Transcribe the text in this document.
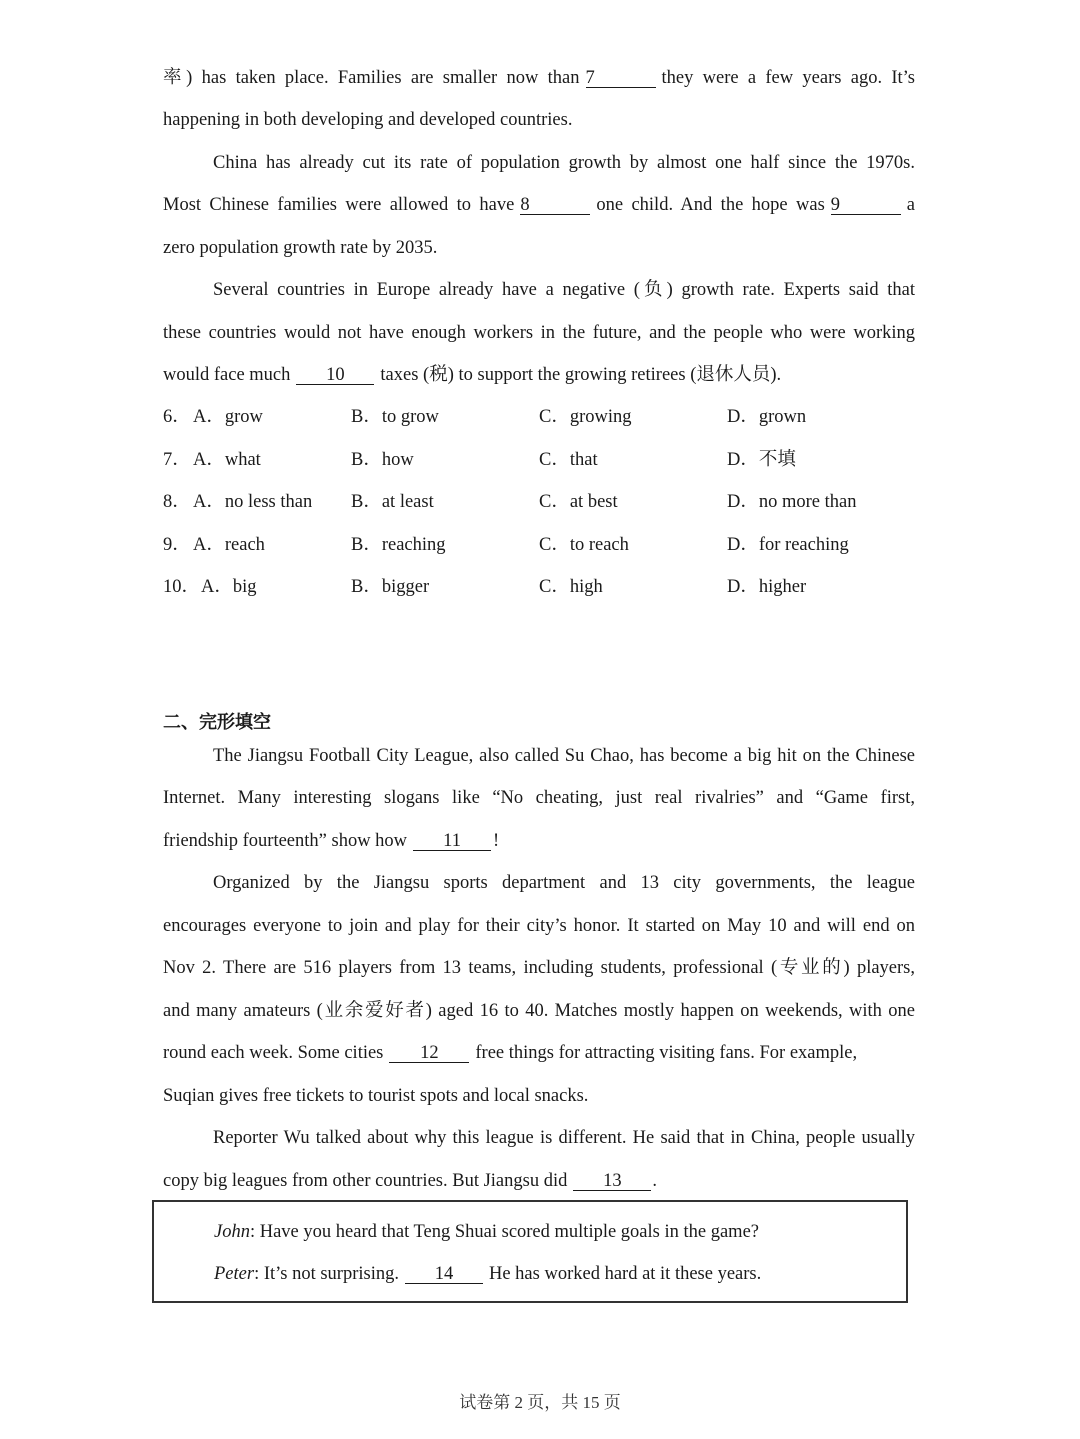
率) has taken place. Families are smaller now than 7	they were a few years ago. It’s
happening in both developing and developed countries.
China has already cut its rate of population growth by almost one half since the 1970s.
Most Chinese families were allowed to have 8	one child. And the hope was 9	a
zero population growth rate by 2035.
Several countries in Europe already have a negative (负) growth rate. Experts said that
these countries would not have enough workers in the future, and the people who were working
would face much 10 taxes (税) to support the growing retirees (退休人员).
6． A．grow	B．to grow	C．growing	D．grown
7． A．what	B．how	C．that	D．不填
8． A．no less than B．at least	C．at best	D．no more than
9． A．reach	B．reaching	C．to reach	D．for reaching
10． A．big	B．bigger	C．high	D．higher
二、完形填空
The Jiangsu Football City League, also called Su Chao, has become a big hit on the Chinese
Internet. Many interesting slogans like “No cheating, just real rivalries” and “Game first,
friendship fourteenth” show how 11 !
Organized by the Jiangsu sports department and 13 city governments, the league
encourages everyone to join and play for their city’s honor. It started on May 10 and will end on
Nov 2. There are 516 players from 13 teams, including students, professional (专业的) players,
and many amateurs (业余爱好者) aged 16 to 40. Matches mostly happen on weekends, with one
round each week. Some cities 12 free things for attracting visiting fans. For example,
Suqian gives free tickets to tourist spots and local snacks.
Reporter Wu talked about why this league is different. He said that in China, people usually
copy big leagues from other countries. But Jiangsu did 13 .
John: Have you heard that Teng Shuai scored multiple goals in the game?
Peter: It’s not surprising. 14 He has worked hard at it these years.
试卷第 2 页，共 15 页
